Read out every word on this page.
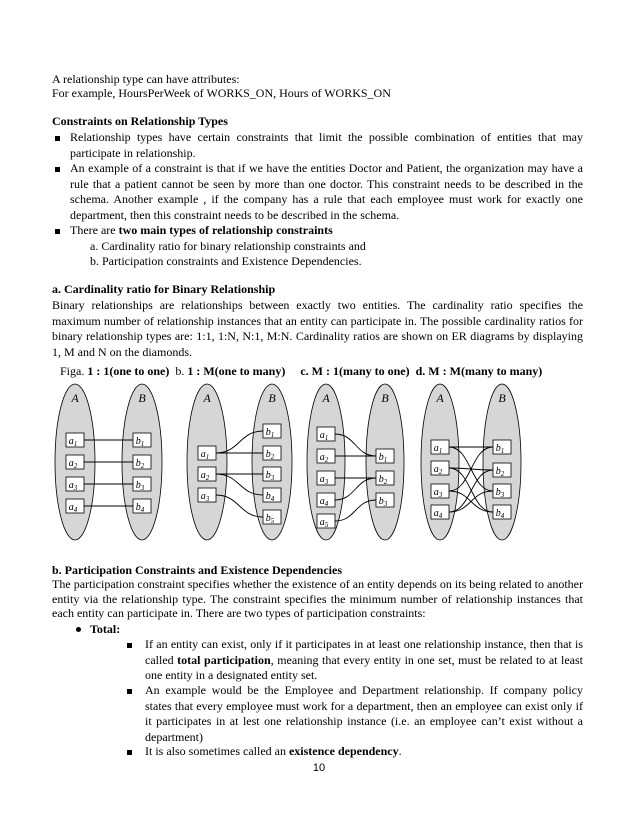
A relationship type can have attributes:
For example, HoursPerWeek of WORKS_ON, Hours of WORKS_ON
Constraints on Relationship Types
Relationship types have certain constraints that limit the possible combination of entities that may participate in relationship.
An example of a constraint is that if we have the entities Doctor and Patient, the organization may have a rule that a patient cannot be seen by more than one doctor. This constraint needs to be described in the schema. Another example , if the company has a rule that each employee must work for exactly one department, then this constraint needs to be described in the schema.
There are two main types of relationship constraints
a. Cardinality ratio for binary relationship constraints and
b. Participation constraints and Existence Dependencies.
a. Cardinality ratio for Binary Relationship
Binary relationships are relationships between exactly two entities. The cardinality ratio specifies the maximum number of relationship instances that an entity can participate in. The possible cardinality ratios for binary relationship types are: 1:1, 1:N, N:1, M:N. Cardinality ratios are shown on ER diagrams by displaying 1, M and N on the diamonds.
Figa. 1 : 1(one to one) b. 1 : M(one to many) c. M : 1(many to one) d. M : M(many to many)
A	B
$a_1$
$a_2$
$a_3$
$a_4$
$b_1$
$b_2$
$b_3$
$b_4$
A	B
$a_1$
$a_2$
$a_3$
$b_1$
$b_2$
$b_3$
$b_4$
$b_5$
A	B
$a_1$
$a_2$
$a_3$
$a_4$
$a_5$
$b_1$
$b_2$
$b_3$
A	B
$a_1$
$a_2$
$a_3$
$a_4$
$b_1$
$b_2$
$b_3$
$b_4$
b. Participation Constraints and Existence Dependencies
The participation constraint specifies whether the existence of an entity depends on its being related to another entity via the relationship type. The constraint specifies the minimum number of relationship instances that each entity can participate in. There are two types of participation constraints:
Total:
If an entity can exist, only if it participates in at least one relationship instance, then that is called total participation, meaning that every entity in one set, must be related to at least one entity in a designated entity set.
An example would be the Employee and Department relationship. If company policy states that every employee must work for a department, then an employee can exist only if it participates in at lest one relationship instance (i.e. an employee can’t exist without a department)
It is also sometimes called an existence dependency.
10
